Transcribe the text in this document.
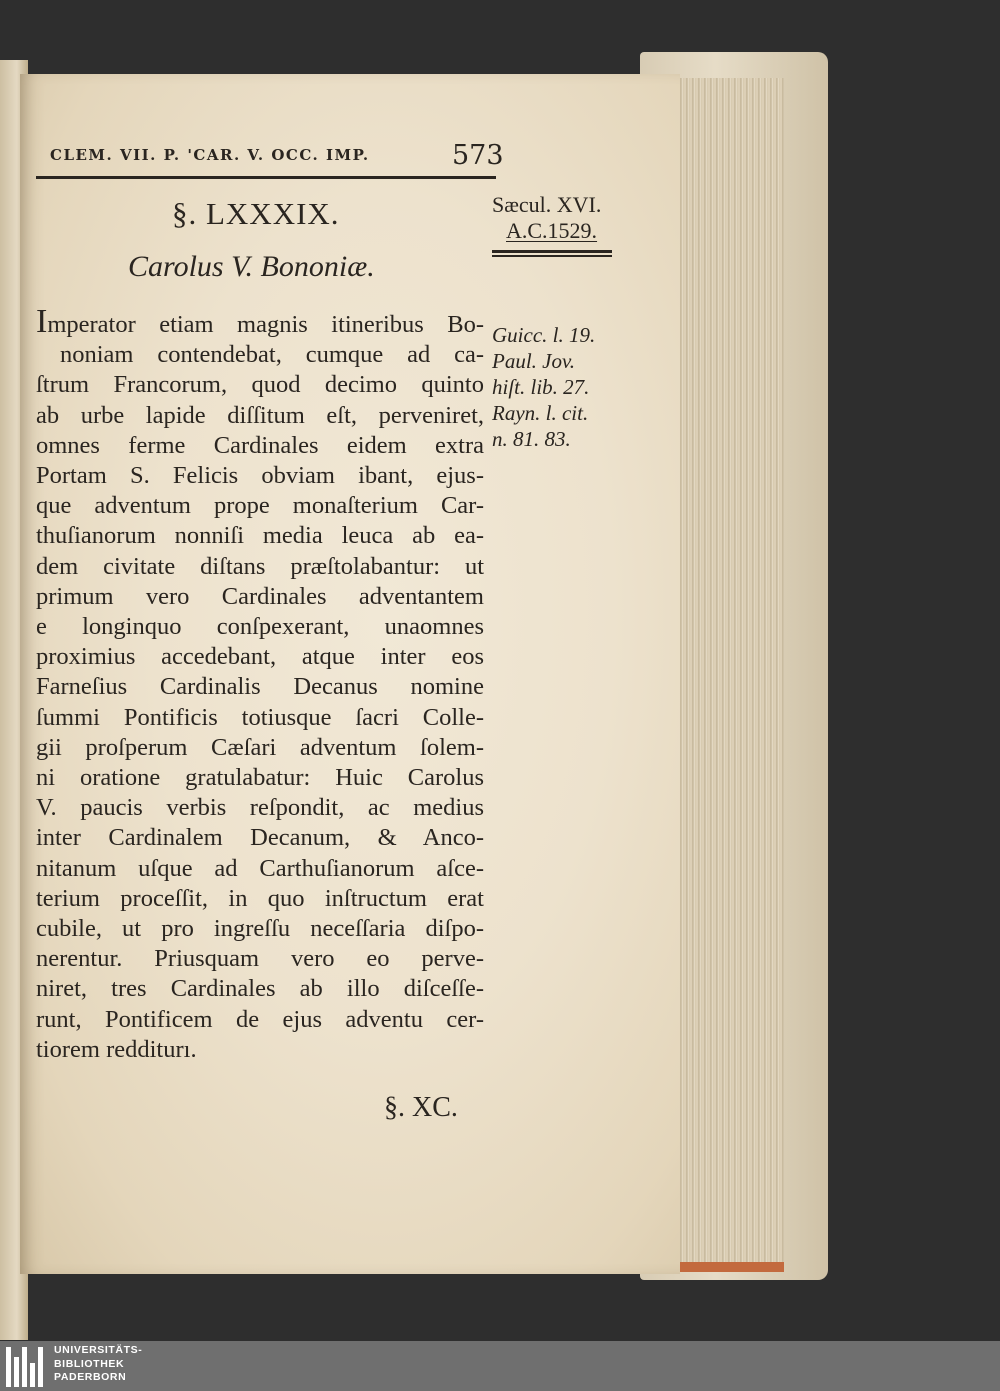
CLEM. VII. P. 'CAR. V. OCC. IMP.	573
Sæcul. XVI.
A.C.1529.
§. LXXXIX.
Carolus V. Bononiæ.
Imperator etiam magnis itineribus Bo-
noniam contendebat, cumque ad ca-
ſtrum Francorum, quod decimo quinto
ab urbe lapide diſſitum eſt, perveniret,
omnes ferme Cardinales eidem extra
Portam S. Felicis obviam ibant, ejus-
que adventum prope monaſterium Car-
thuſianorum nonniſi media leuca ab ea-
dem civitate diſtans præſtolabantur: ut
primum vero Cardinales adventantem
e longinquo conſpexerant, unaomnes
proximius accedebant, atque inter eos
Farneſius Cardinalis Decanus nomine
ſummi Pontificis totiusque ſacri Colle-
gii proſperum Cæſari adventum ſolem-
ni oratione gratulabatur: Huic Carolus
V. paucis verbis reſpondit, ac medius
inter Cardinalem Decanum, & Anco-
nitanum uſque ad Carthuſianorum aſce-
terium proceſſit, in quo inſtructum erat
cubile, ut pro ingreſſu neceſſaria diſpo-
nerentur. Priusquam vero eo perve-
niret, tres Cardinales ab illo diſceſſe-
runt, Pontificem de ejus adventu cer-
tiorem redditurı.
Guicc. l. 19.
Paul. Jov.
hiſt. lib. 27.
Rayn. l. cit.
n. 81. 83.
§. XC.
UNIVERSITÄTS-
BIBLIOTHEK
PADERBORN
